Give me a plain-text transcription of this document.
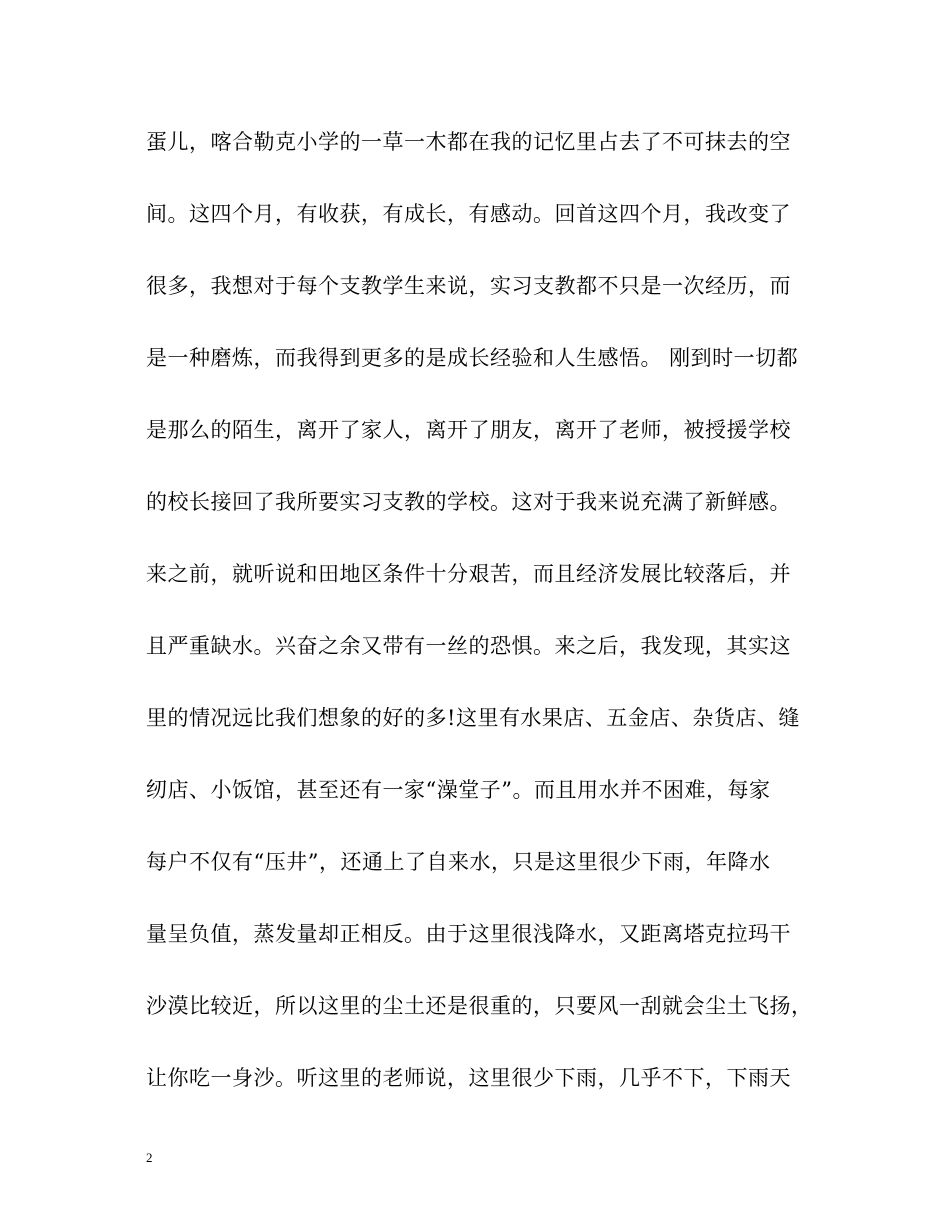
蛋儿，喀合勒克小学的一草一木都在我的记忆里占去了不可抹去的空
间。这四个月，有收获，有成长，有感动。回首这四个月，我改变了
很多，我想对于每个支教学生来说，实习支教都不只是一次经历，而
是一种磨炼，而我得到更多的是成长经验和人生感悟。 刚到时一切都
是那么的陌生，离开了家人，离开了朋友，离开了老师，被授援学校
的校长接回了我所要实习支教的学校。这对于我来说充满了新鲜感。
来之前，就听说和田地区条件十分艰苦，而且经济发展比较落后，并
且严重缺水。兴奋之余又带有一丝的恐惧。来之后，我发现，其实这
里的情况远比我们想象的好的多!这里有水果店、五金店、杂货店、缝
纫店、小饭馆，甚至还有一家“澡堂子”。而且用水并不困难，每家
每户不仅有“压井”，还通上了自来水，只是这里很少下雨，年降水
量呈负值，蒸发量却正相反。由于这里很浅降水，又距离塔克拉玛干
沙漠比较近，所以这里的尘土还是很重的，只要风一刮就会尘土飞扬，
让你吃一身沙。听这里的老师说，这里很少下雨，几乎不下，下雨天
2
